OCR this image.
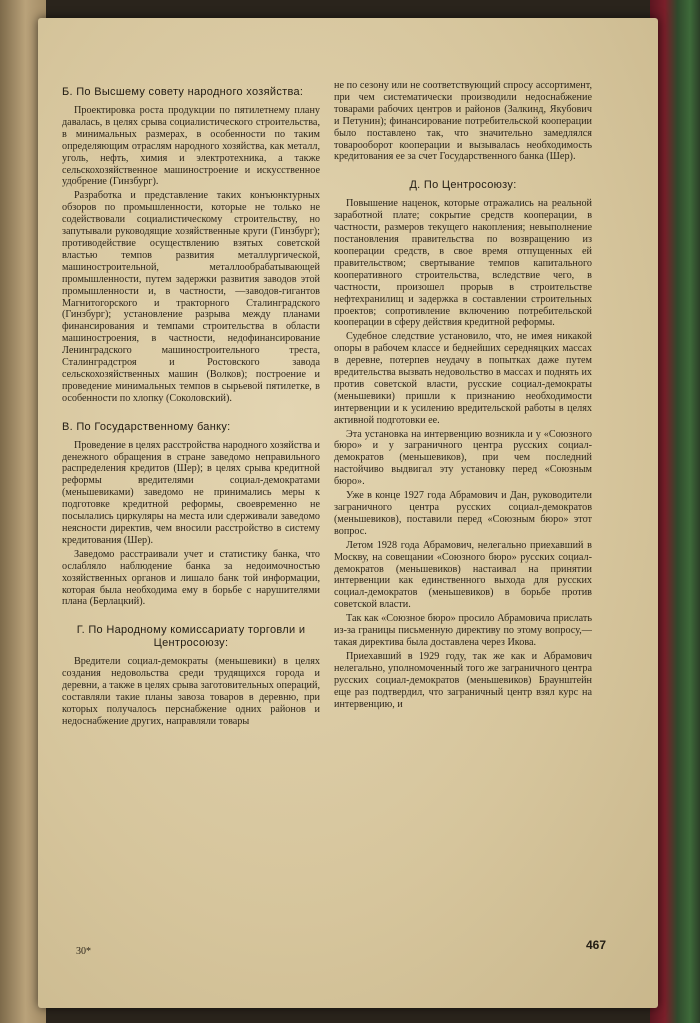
Б. По Высшему совету народного хозяйства:

Проектировка роста продукции по пятилетнему плану давалась, в целях срыва социалистического строительства, в минимальных размерах, в особенности по таким определяющим отраслям народного хозяйства, как металл, уголь, нефть, химия и электротехника, а также сельскохозяйственное машиностроение и искусственное удобрение (Гинзбург).

Разработка и представление таких конъюнктурных обзоров по промышленности, которые не только не содействовали социалистическому строительству, но запутывали руководящие хозяйственные круги (Гинзбург); противодействие осуществлению взятых советской властью темпов развития металлургической, машиностроительной, металлообрабатывающей промышленности, путем задержки развития заводов этой промышленности и, в частности, —заводов-гигантов Магнитогорского и тракторного Сталинградского (Гинзбург); установление разрыва между планами финансирования и темпами строительства в области машиностроения, в частности, недофинансирование Ленинградского машиностроительного треста, Сталинградстроя и Ростовского завода сельскохозяйственных машин (Волков); построение и проведение минимальных темпов в сырьевой пятилетке, в особенности по хлопку (Соколовский).

В. По Государственному банку:

Проведение в целях расстройства народного хозяйства и денежного обращения в стране заведомо неправильного распределения кредитов (Шер); в целях срыва кредитной реформы вредителями социал-демократами (меньшевиками) заведомо не принимались меры к подготовке кредитной реформы, своевременно не посылались циркуляры на места или сдерживали заведомо неясности директив, чем вносили расстройство в систему кредитования (Шер).

Заведомо расстраивали учет и статистику банка, что ослабляло наблюдение банка за недоимочностью хозяйственных органов и лишало банк той информации, которая была необходима ему в борьбе с нарушителями плана (Берлацкий).

Г. По Народному комиссариату торговли и Центросоюзу:

Вредители социал-демократы (меньшевики) в целях создания недовольства среди трудящихся города и деревни, а также в целях срыва заготовительных операций, составляли такие планы завоза товаров в деревню, при которых получалось перснабжение одних районов и недоснабжение других, направляли товары

не по сезону или не соответствующий спросу ассортимент, при чем систематически производили недоснабжение товарами рабочих центров и районов (Залкинд, Якубович и Петунин); финансирование потребительской кооперации было поставлено так, что значительно замедлялся товарооборот кооперации и вызывалась необходимость кредитования ее за счет Государственного банка (Шер).

Д. По Центросоюзу:

Повышение наценок, которые отражались на реальной заработной плате; сокрытие средств кооперации, в частности, размеров текущего накопления; невыполнение постановления правительства по возвращению из кооперации средств, в свое время отпущенных ей правительством; свертывание темпов капитального кооперативного строительства, вследствие чего, в частности, произошел прорыв в строительстве нефтехранилищ и задержка в составлении строительных проектов; сопротивление включению потребительской кооперации в сферу действия кредитной реформы.

Судебное следствие установило, что, не имея никакой опоры в рабочем классе и беднейших середняцких массах в деревне, потерпев неудачу в попытках даже путем вредительства вызвать недовольство в массах и поднять их против советской власти, русские социал-демократы (меньшевики) пришли к признанию необходимости интервенции и к усилению вредительской работы в целях активной подготовки ее.

Эта установка на интервенцию возникла и у «Союзного бюро» и у заграничного центра русских социал-демократов (меньшевиков), при чем последний настойчиво выдвигал эту установку перед «Союзным бюро».

Уже в конце 1927 года Абрамович и Дан, руководители заграничного центра русских социал-демократов (меньшевиков), поставили перед «Союзным бюро» этот вопрос.

Летом 1928 года Абрамович, нелегально приехавший в Москву, на совещании «Союзного бюро» русских социал-демократов (меньшевиков) настаивал на принятии интервенции как единственного выхода для русских социал-демократов (меньшевиков) в борьбе против советской власти.

Так как «Союзное бюро» просило Абрамовича прислать из-за границы письменную директиву по этому вопросу,—такая директива была доставлена через Икова.

Приехавший в 1929 году, так же как и Абрамович нелегально, уполномоченный того же заграничного центра русских социал-демократов (меньшевиков) Браунштейн еще раз подтвердил, что заграничный центр взял курс на интервенцию, и

30*	467
